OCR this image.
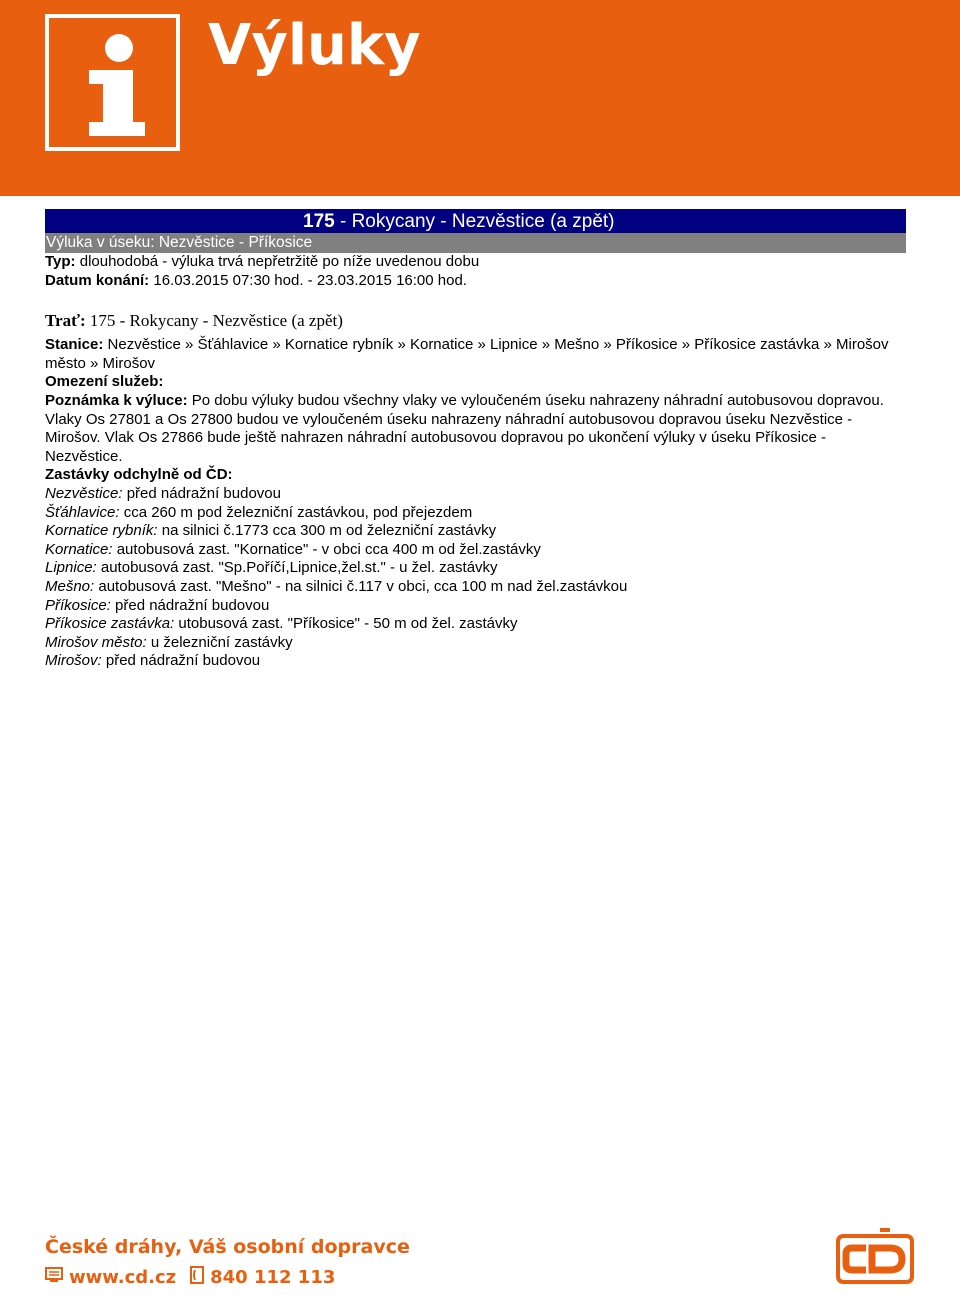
Výluky
175 - Rokycany - Nezvěstice (a zpět)
Výluka v úseku: Nezvěstice - Příkosice
Typ: dlouhodobá - výluka trvá nepřetržitě po níže uvedenou dobu
Datum konání: 16.03.2015 07:30 hod. - 23.03.2015 16:00 hod.
Trať: 175 - Rokycany - Nezvěstice (a zpět)
Stanice: Nezvěstice » Šťáhlavice » Kornatice rybník » Kornatice » Lipnice » Mešno » Příkosice » Příkosice zastávka » Mirošov město » Mirošov
Omezení služeb:
Poznámka k výluce: Po dobu výluky budou všechny vlaky ve vyloučeném úseku nahrazeny náhradní autobusovou dopravou. Vlaky Os 27801 a Os 27800 budou ve vyloučeném úseku nahrazeny náhradní autobusovou dopravou úseku Nezvěstice - Mirošov. Vlak Os 27866 bude ještě nahrazen náhradní autobusovou dopravou po ukončení výluky v úseku Příkosice - Nezvěstice.
Zastávky odchylně od ČD:
Nezvěstice: před nádražní budovou
Šťáhlavice: cca 260 m pod železniční zastávkou, pod přejezdem
Kornatice rybník: na silnici č.1773 cca 300 m od železniční zastávky
Kornatice: autobusová zast. "Kornatice" - v obci cca 400 m od žel.zastávky
Lipnice: autobusová zast. "Sp.Poříčí,Lipnice,žel.st." - u žel. zastávky
Mešno: autobusová zast. "Mešno" - na silnici č.117 v obci, cca 100 m nad žel.zastávkou
Příkosice: před nádražní budovou
Příkosice zastávka: utobusová zast. "Příkosice" - 50 m od žel. zastávky
Mirošov město: u železniční zastávky
Mirošov: před nádražní budovou
České dráhy, Váš osobní dopravce
www.cd.cz 840 112 113
